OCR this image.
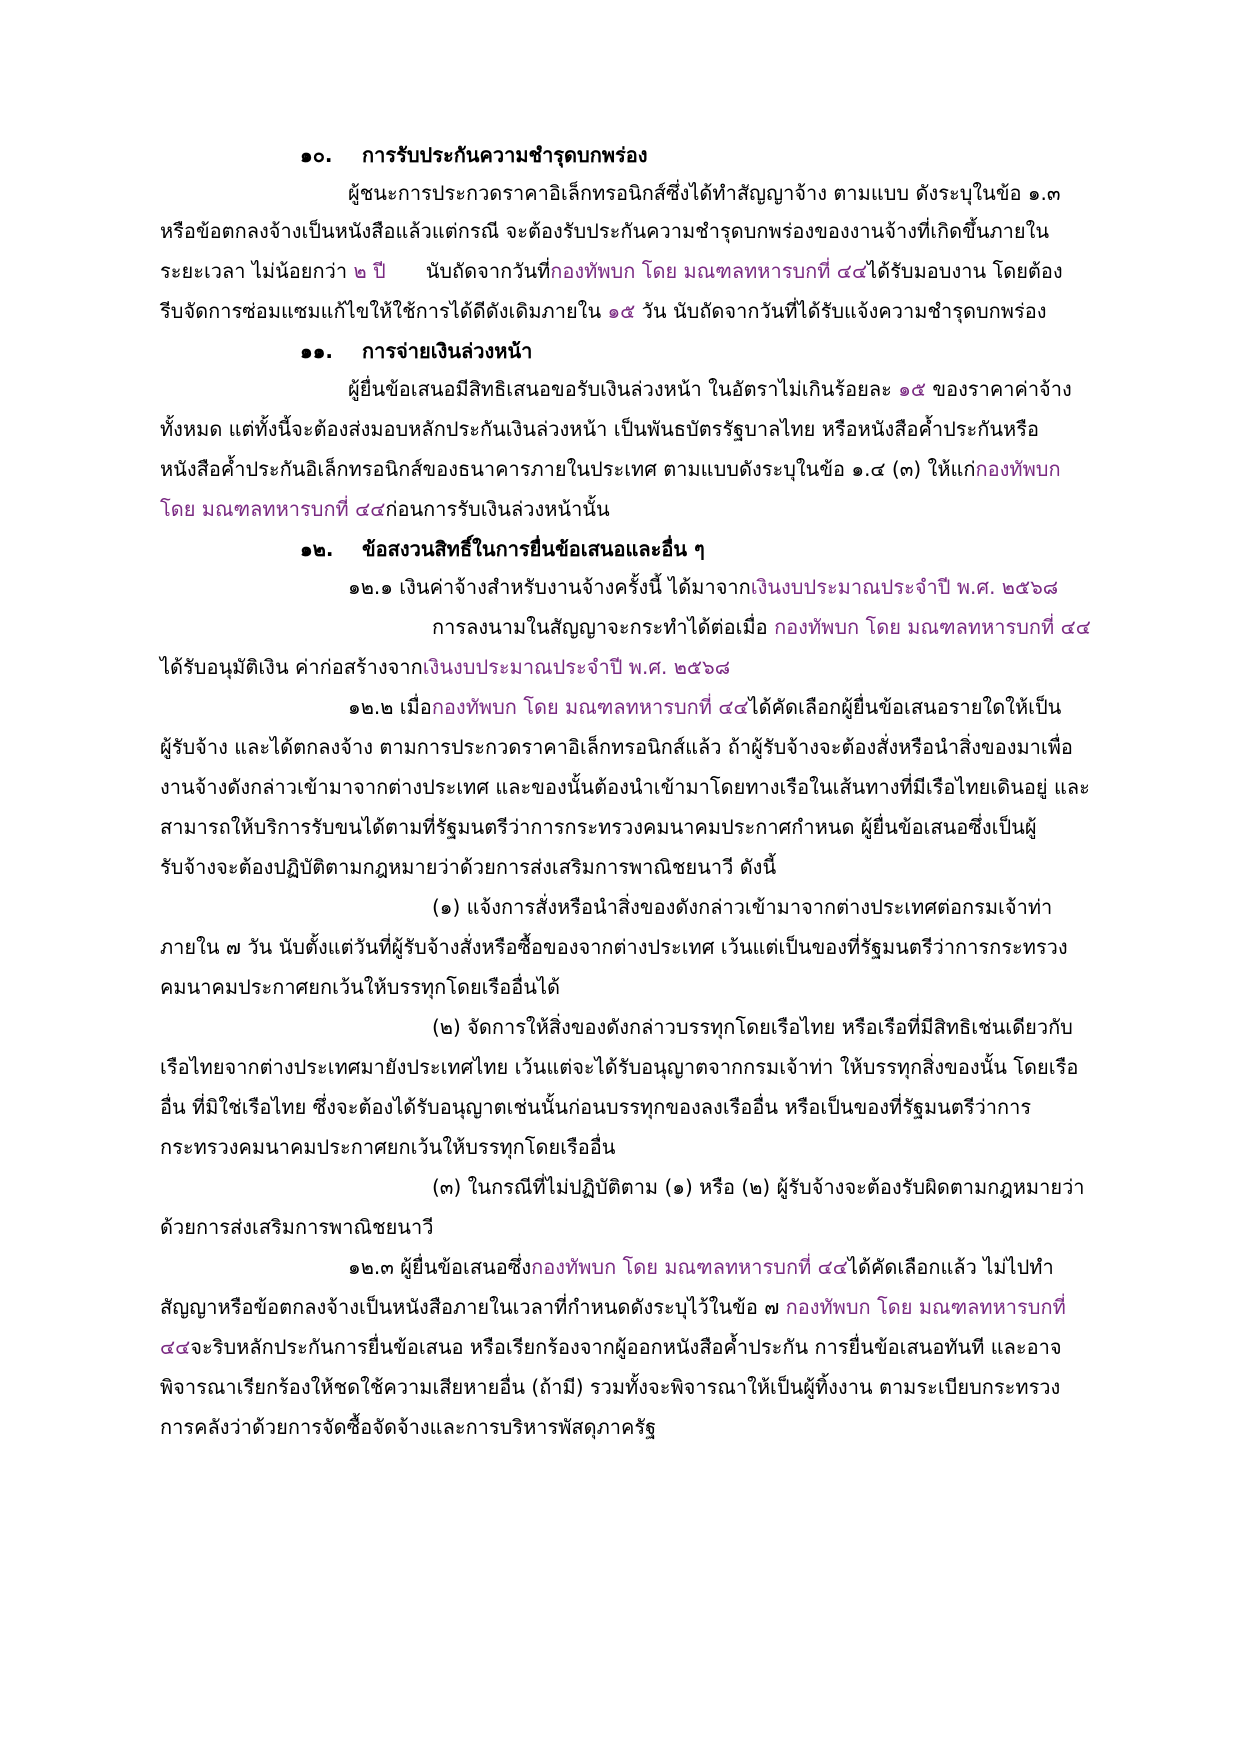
๑๐. การรับประกันความชำรุดบกพร่อง
ผู้ชนะการประกวดราคาอิเล็กทรอนิกส์ซึ่งได้ทำสัญญาจ้าง ตามแบบ ดังระบุในข้อ ๑.๓
หรือข้อตกลงจ้างเป็นหนังสือแล้วแต่กรณี จะต้องรับประกันความชำรุดบกพร่องของงานจ้างที่เกิดขึ้นภายใน
ระยะเวลา ไม่น้อยกว่า ๒ ปี นับถัดจากวันที่กองทัพบก โดย มณฑลทหารบกที่ ๔๔ได้รับมอบงาน โดยต้อง
รีบจัดการซ่อมแซมแก้ไขให้ใช้การได้ดีดังเดิมภายใน ๑๕ วัน นับถัดจากวันที่ได้รับแจ้งความชำรุดบกพร่อง
๑๑. การจ่ายเงินล่วงหน้า
ผู้ยื่นข้อเสนอมีสิทธิเสนอขอรับเงินล่วงหน้า ในอัตราไม่เกินร้อยละ ๑๕ ของราคาค่าจ้าง
ทั้งหมด แต่ทั้งนี้จะต้องส่งมอบหลักประกันเงินล่วงหน้า เป็นพันธบัตรรัฐบาลไทย หรือหนังสือค้ำประกันหรือ
หนังสือค้ำประกันอิเล็กทรอนิกส์ของธนาคารภายในประเทศ ตามแบบดังระบุในข้อ ๑.๔ (๓) ให้แก่กองทัพบก
โดย มณฑลทหารบกที่ ๔๔ก่อนการรับเงินล่วงหน้านั้น
๑๒. ข้อสงวนสิทธิ์ในการยื่นข้อเสนอและอื่น ๆ
๑๒.๑ เงินค่าจ้างสำหรับงานจ้างครั้งนี้ ได้มาจากเงินงบประมาณประจำปี พ.ศ. ๒๕๖๘
การลงนามในสัญญาจะกระทำได้ต่อเมื่อ กองทัพบก โดย มณฑลทหารบกที่ ๔๔
ได้รับอนุมัติเงิน ค่าก่อสร้างจากเงินงบประมาณประจำปี พ.ศ. ๒๕๖๘
๑๒.๒ เมื่อกองทัพบก โดย มณฑลทหารบกที่ ๔๔ได้คัดเลือกผู้ยื่นข้อเสนอรายใดให้เป็น
ผู้รับจ้าง และได้ตกลงจ้าง ตามการประกวดราคาอิเล็กทรอนิกส์แล้ว ถ้าผู้รับจ้างจะต้องสั่งหรือนำสิ่งของมาเพื่อ
งานจ้างดังกล่าวเข้ามาจากต่างประเทศ และของนั้นต้องนำเข้ามาโดยทางเรือในเส้นทางที่มีเรือไทยเดินอยู่ และ
สามารถให้บริการรับขนได้ตามที่รัฐมนตรีว่าการกระทรวงคมนาคมประกาศกำหนด ผู้ยื่นข้อเสนอซึ่งเป็นผู้
รับจ้างจะต้องปฏิบัติตามกฎหมายว่าด้วยการส่งเสริมการพาณิชยนาวี ดังนี้
(๑) แจ้งการสั่งหรือนำสิ่งของดังกล่าวเข้ามาจากต่างประเทศต่อกรมเจ้าท่า
ภายใน ๗ วัน นับตั้งแต่วันที่ผู้รับจ้างสั่งหรือซื้อของจากต่างประเทศ เว้นแต่เป็นของที่รัฐมนตรีว่าการกระทรวง
คมนาคมประกาศยกเว้นให้บรรทุกโดยเรืออื่นได้
(๒) จัดการให้สิ่งของดังกล่าวบรรทุกโดยเรือไทย หรือเรือที่มีสิทธิเช่นเดียวกับ
เรือไทยจากต่างประเทศมายังประเทศไทย เว้นแต่จะได้รับอนุญาตจากกรมเจ้าท่า ให้บรรทุกสิ่งของนั้น โดยเรือ
อื่น ที่มิใช่เรือไทย ซึ่งจะต้องได้รับอนุญาตเช่นนั้นก่อนบรรทุกของลงเรืออื่น หรือเป็นของที่รัฐมนตรีว่าการ
กระทรวงคมนาคมประกาศยกเว้นให้บรรทุกโดยเรืออื่น
(๓) ในกรณีที่ไม่ปฏิบัติตาม (๑) หรือ (๒) ผู้รับจ้างจะต้องรับผิดตามกฎหมายว่า
ด้วยการส่งเสริมการพาณิชยนาวี
๑๒.๓ ผู้ยื่นข้อเสนอซึ่งกองทัพบก โดย มณฑลทหารบกที่ ๔๔ได้คัดเลือกแล้ว ไม่ไปทำ
สัญญาหรือข้อตกลงจ้างเป็นหนังสือภายในเวลาที่กำหนดดังระบุไว้ในข้อ ๗ กองทัพบก โดย มณฑลทหารบกที่
๔๔จะริบหลักประกันการยื่นข้อเสนอ หรือเรียกร้องจากผู้ออกหนังสือค้ำประกัน การยื่นข้อเสนอทันที และอาจ
พิจารณาเรียกร้องให้ชดใช้ความเสียหายอื่น (ถ้ามี) รวมทั้งจะพิจารณาให้เป็นผู้ทิ้งงาน ตามระเบียบกระทรวง
การคลังว่าด้วยการจัดซื้อจัดจ้างและการบริหารพัสดุภาครัฐ
